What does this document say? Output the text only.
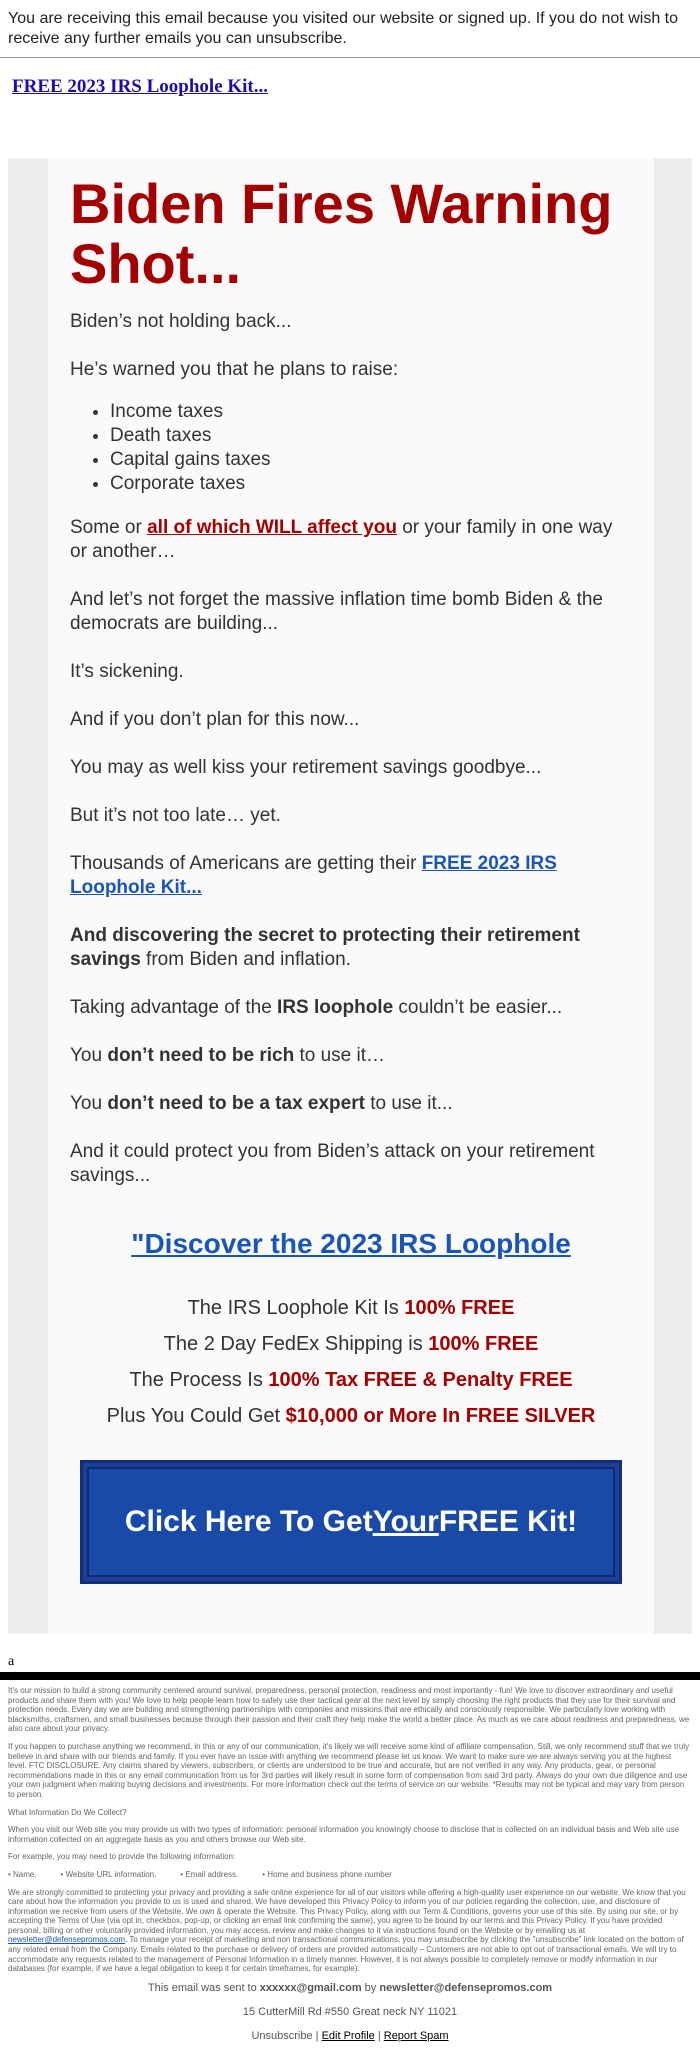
You are receiving this email because you visited our website or signed up. If you do not wish to receive any further emails you can unsubscribe.
FREE 2023 IRS Loophole Kit...
Biden Fires Warning Shot...

Biden’s not holding back...

He’s warned you that he plans to raise:

• Income taxes
• Death taxes
• Capital gains taxes
• Corporate taxes

Some or all of which WILL affect you or your family in one way or another…

And let’s not forget the massive inflation time bomb Biden & the democrats are building...

It’s sickening.

And if you don’t plan for this now...

You may as well kiss your retirement savings goodbye...

But it’s not too late… yet.

Thousands of Americans are getting their FREE 2023 IRS Loophole Kit...

And discovering the secret to protecting their retirement savings from Biden and inflation.

Taking advantage of the IRS loophole couldn’t be easier...

You don’t need to be rich to use it…

You don’t need to be a tax expert to use it...

And it could protect you from Biden’s attack on your retirement savings...

"Discover the 2023 IRS Loophole
The IRS Loophole Kit Is 100% FREE
The 2 Day FedEx Shipping is 100% FREE
The Process Is 100% Tax FREE & Penalty FREE
Plus You Could Get $10,000 or More In FREE SILVER
Click Here To Get Your FREE Kit!
a

It's our mission to build a strong community centered around survival, preparedness, personal protection, readiness and most importantly - fun! We love to discover extraordinary and useful products and share them with you! We love to help people learn how to safely use their tactical gear at the next level by simply choosing the right products that they use for their survival and protection needs. Every day we are building and strengthening partnerships with companies and missions that are ethically and consciously responsible. We particularly love working with blacksmiths, craftsmen, and small businesses because through their passion and their craft they help make the world a better place. As much as we care about readiness and preparedness, we also care about your privacy.

If you happen to purchase anything we recommend, in this or any of our communication, it's likely we will receive some kind of affiliate compensation. Still, we only recommend stuff that we truly believe in and share with our friends and family. If you ever have an issue with anything we recommend please let us know. We want to make sure we are always serving you at the highest level. FTC DISCLOSURE. Any claims shared by viewers, subscribers, or clients are understood to be true and accurate, but are not verified in any way. Any products, gear, or personal recommendations made in this or any email communication from us for 3rd parties will likely result in some form of compensation from said 3rd party. Always do your own due diligence and use your own judgment when making buying decisions and investments. For more information check out the terms of service on our website. *Results may not be typical and may vary from person to person.

What Information Do We Collect?

When you visit our Web site you may provide us with two types of information: personal information you knowingly choose to disclose that is collected on an individual basis and Web site use information collected on an aggregate basis as you and others browse our Web site.

For example, you may need to provide the following information:

• Name.	• Website URL information.	• Email address.	• Home and business phone number

We are strongly committed to protecting your privacy and providing a safe online experience for all of our visitors while offering a high-quality user experience on our website. We know that you care about how the information you provide to us is used and shared. We have developed this Privacy Policy to inform you of our policies regarding the collection, use, and disclosure of information we receive from users of the Website. We own & operate the Website. This Privacy Policy, along with our Term & Conditions, governs your use of this site. By using our site, or by accepting the Terms of Use (via opt in, checkbox, pop-up, or clicking an email link confirming the same), you agree to be bound by our terms and this Privacy Policy. If you have provided personal, billing or other voluntarily provided information, you may access, review and make changes to it via instructions found on the Website or by emailing us at newsletter@defensepromos.com. To manage your receipt of marketing and non transactional communications, you may unsubscribe by clicking the "unsubscribe" link located on the bottom of any related email from the Company. Emails related to the purchase or delivery of orders are provided automatically – Customers are not able to opt out of transactional emails. We will try to accommodate any requests related to the management of Personal Information in a timely manner. However, it is not always possible to completely remove or modify information in our databases (for example, if we have a legal obligation to keep it for certain timeframes, for example).

This email was sent to xxxxxx@gmail.com by newsletter@defensepromos.com
15 CutterMill Rd #550 Great neck NY 11021
Unsubscribe | Edit Profile | Report Spam
